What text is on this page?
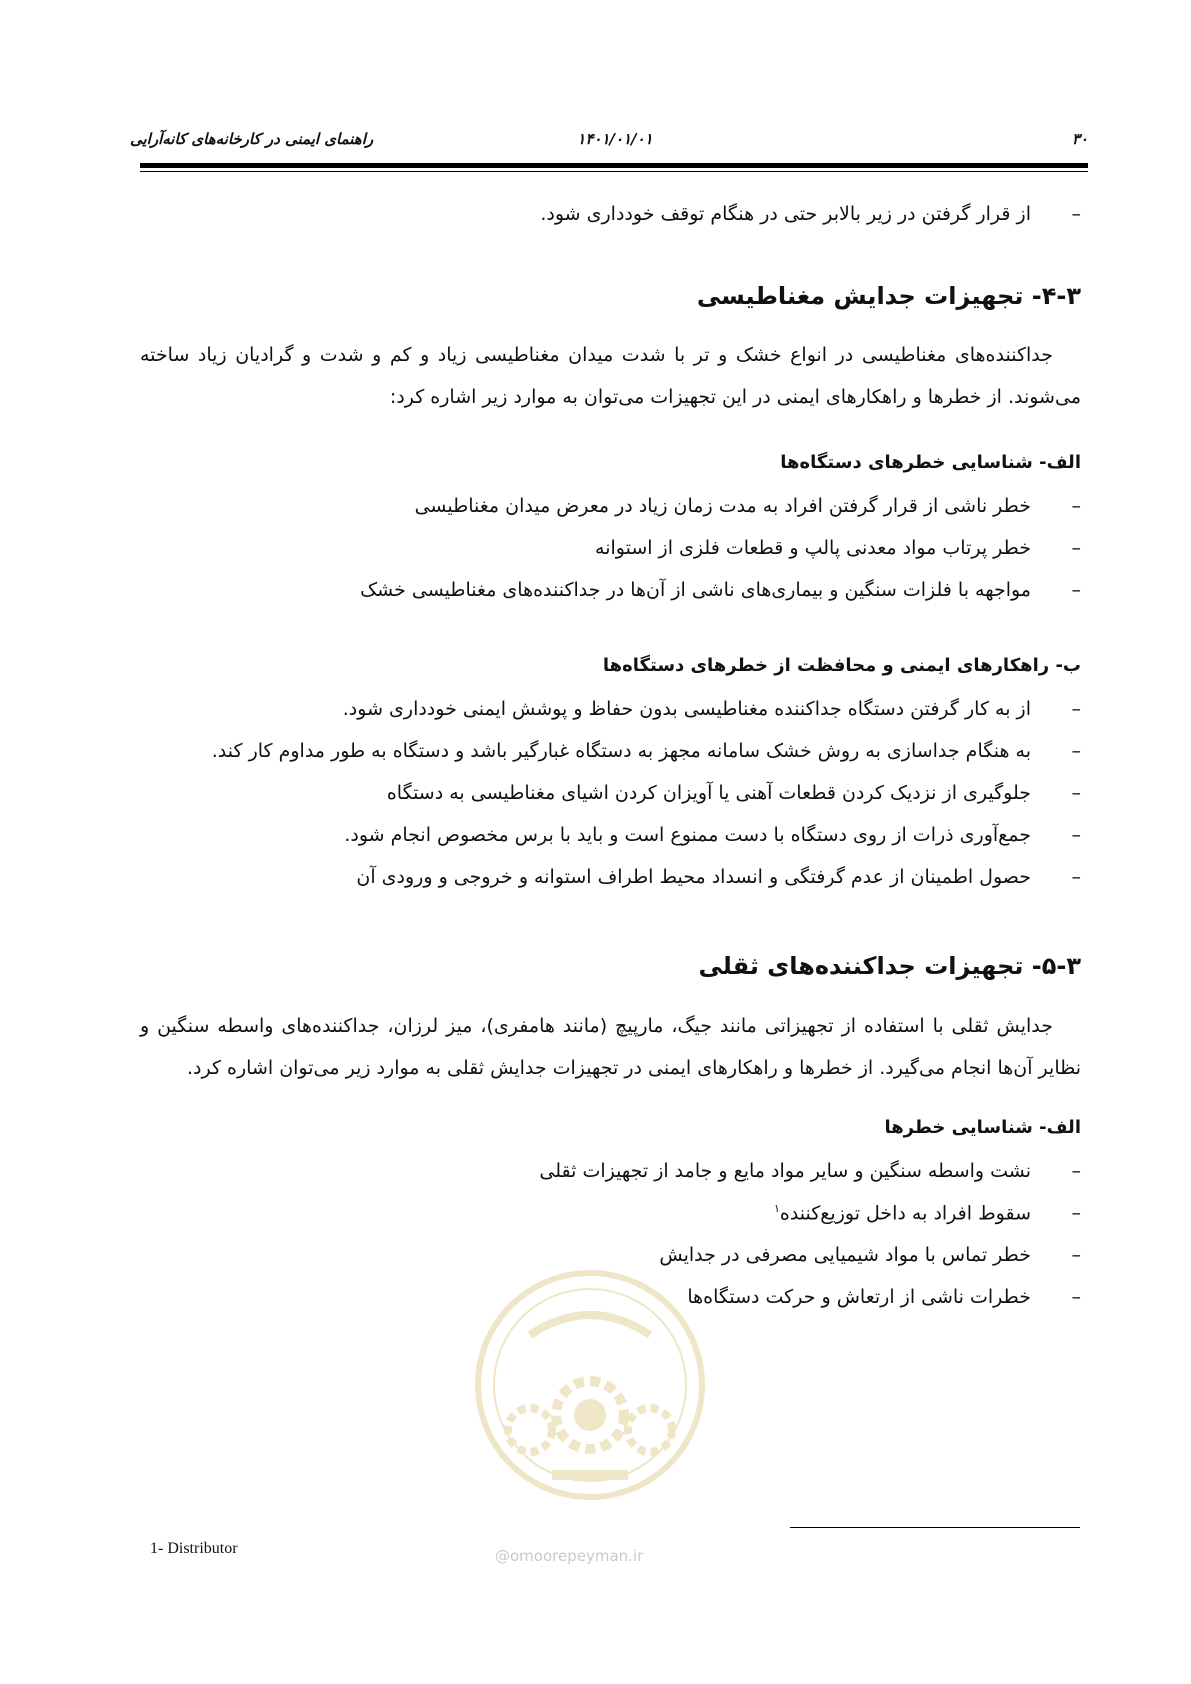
۳۰
۱۴۰۱/۰۱/۰۱
راهنمای ایمنی در کارخانه‌های کانه‌آرایی
–از قرار گرفتن در زیر بالابر حتی در هنگام توقف خودداری شود.
۴-۳- تجهیزات جدایش مغناطیسی
جداکننده‌های مغناطیسی در انواع خشک و تر با شدت میدان مغناطیسی زیاد و کم و شدت و گرادیان زیاد ساخته می‌شوند. از خطرها و راهکارهای ایمنی در این تجهیزات می‌توان به موارد زیر اشاره کرد:
الف- شناسایی خطرهای دستگاه‌ها
–خطر ناشی از قرار گرفتن افراد به مدت زمان زیاد در معرض میدان مغناطیسی
–خطر پرتاب مواد معدنی پالپ و قطعات فلزی از استوانه
–مواجهه با فلزات سنگین و بیماری‌های ناشی از آن‌ها در جداکننده‌های مغناطیسی خشک
ب- راهکارهای ایمنی و محافظت از خطرهای دستگاه‌ها
–از به کار گرفتن دستگاه جداکننده مغناطیسی بدون حفاظ و پوشش ایمنی خودداری شود.
–به هنگام جداسازی به روش خشک سامانه مجهز به دستگاه غبارگیر باشد و دستگاه به طور مداوم کار کند.
–جلوگیری از نزدیک کردن قطعات آهنی یا آویزان کردن اشیای مغناطیسی به دستگاه
–جمع‌آوری ذرات از روی دستگاه با دست ممنوع است و باید با برس مخصوص انجام شود.
–حصول اطمینان از عدم گرفتگی و انسداد محیط اطراف استوانه و خروجی و ورودی آن
۵-۳- تجهیزات جداکننده‌های ثقلی
جدایش ثقلی با استفاده از تجهیزاتی مانند جیگ، مارپیچ (مانند هامفری)، میز لرزان، جداکننده‌های واسطه سنگین و نظایر آن‌ها انجام می‌گیرد. از خطرها و راهکارهای ایمنی در تجهیزات جدایش ثقلی به موارد زیر می‌توان اشاره کرد.
الف- شناسایی خطرها
–نشت واسطه سنگین و سایر مواد مایع و جامد از تجهیزات ثقلی
–سقوط افراد به داخل توزیع‌کننده$^۱$
–خطر تماس با مواد شیمیایی مصرفی در جدایش
–خطرات ناشی از ارتعاش و حرکت دستگاه‌ها
@omoorepeyman.ir
1- Distributor
